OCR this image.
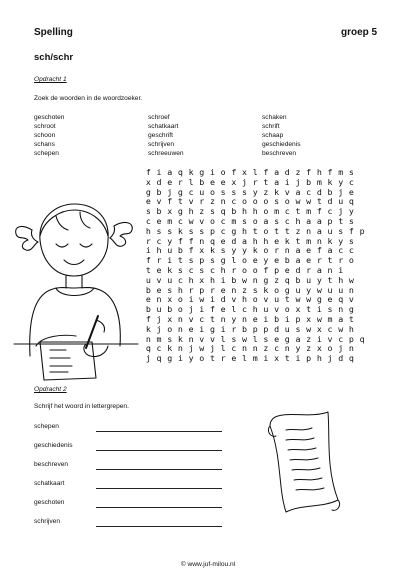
Spelling	groep 5
sch/schr
Opdracht 1
Zoek de woorden in de woordzoeker.
geschoten
schroot
schoon
schans
schepen
schroef
schatkaart
geschrift
schrijven
schreeuwen
schaken
schrift
schaap
geschiedenis
beschreven
f i a q k g i o f x l f a d z f h f m s
x d e r l b e e x j r t a i j b m k y c
g b j g c u o s s s y z k v a c d b j e
e v f t v r z n c o o o s o w w t d u q
s b x g h z s q b h h o m c t m f c j y
c e m c w v o c m s o a s c h a a p t s
h s s k s s p c g h t o t t z n a u s f p
r c y f f n q e d a h h e k t m n k y s
i h u b f x k s y y k o r n a e f a c c
f r i t s p s g l o e y e b a e r t r o
t e k s c s c h r o o f p e d r a n i
u v u c h x h i b w n g z q b u y t h w
b e s h r p r e n z s k o g u y w u u n
e n x o i w i d v h o v u t w w g e q v
b u b o j i f e l c h u v o x t i s n g
f j x n v c t n y n e i b i p x w m a t
k j o n e i g i r b p p d u s w x c w h
n m s k n v v l s w l s e g a z i v c p q
q c k n j w j l c n n z c n y z x o j n
j q g i y o t r e l m i x t i p h j d q
Opdracht 2
Schrijf het woord in lettergrepen.
schepen
geschiedenis
beschreven
schatkaart
geschoten
schrijven
© www.juf-milou.nl
